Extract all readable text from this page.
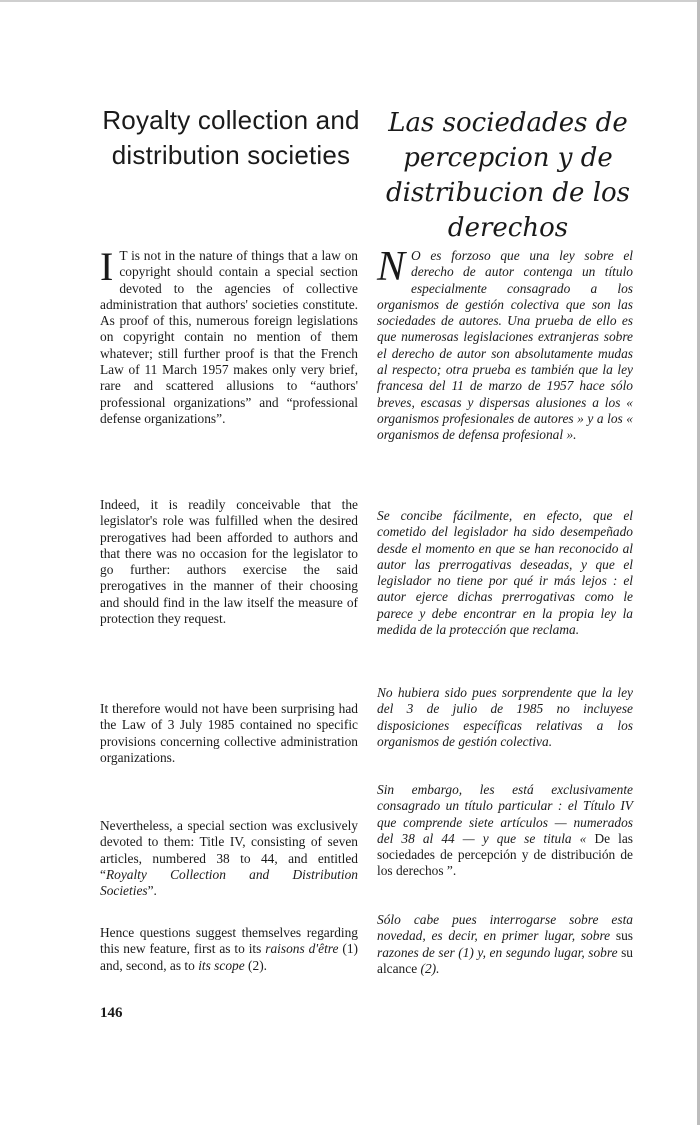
Royalty collection and distribution societies
Las sociedades de percepcion y de distribucion de los derechos

I T is not in the nature of things that a law on copyright should contain a special section devoted to the agencies of collective administration that authors' societies constitute. As proof of this, numerous foreign legislations on copyright contain no mention of them whatever; still further proof is that the French Law of 11 March 1957 makes only very brief, rare and scattered allusions to “authors' professional organizations” and “professional defense organizations”.

Indeed, it is readily conceivable that the legislator's role was fulfilled when the desired prerogatives had been afforded to authors and that there was no occasion for the legislator to go further: authors exercise the said prerogatives in the manner of their choosing and should find in the law itself the measure of protection they request.

It therefore would not have been surprising had the Law of 3 July 1985 contained no specific provisions concerning collective administration organizations.

Nevertheless, a special section was exclusively devoted to them: Title IV, consisting of seven articles, numbered 38 to 44, and entitled “Royalty Collection and Distribution Societies”.

Hence questions suggest themselves regarding this new feature, first as to its raisons d'être (1) and, second, as to its scope (2).

N O es forzoso que una ley sobre el derecho de autor contenga un título especialmente consagrado a los organismos de gestión colectiva que son las sociedades de autores. Una prueba de ello es que numerosas legislaciones extranjeras sobre el derecho de autor son absolutamente mudas al respecto; otra prueba es también que la ley francesa del 11 de marzo de 1957 hace sólo breves, escasas y dispersas alusiones a los « organismos profesionales de autores » y a los « organismos de defensa profesional ».

Se concibe fácilmente, en efecto, que el cometido del legislador ha sido desempeñado desde el momento en que se han reconocido al autor las prerrogativas deseadas, y que el legislador no tiene por qué ir más lejos : el autor ejerce dichas prerrogativas como le parece y debe encontrar en la propia ley la medida de la protección que reclama.

No hubiera sido pues sorprendente que la ley del 3 de julio de 1985 no incluyese disposiciones específicas relativas a los organismos de gestión colectiva.

Sin embargo, les está exclusivamente consagrado un título particular : el Título IV que comprende siete artículos — numerados del 38 al 44 — y que se titula « De las sociedades de percepción y de distribución de los derechos ”.

Sólo cabe pues interrogarse sobre esta novedad, es decir, en primer lugar, sobre sus razones de ser (1) y, en segundo lugar, sobre su alcance (2).

146
